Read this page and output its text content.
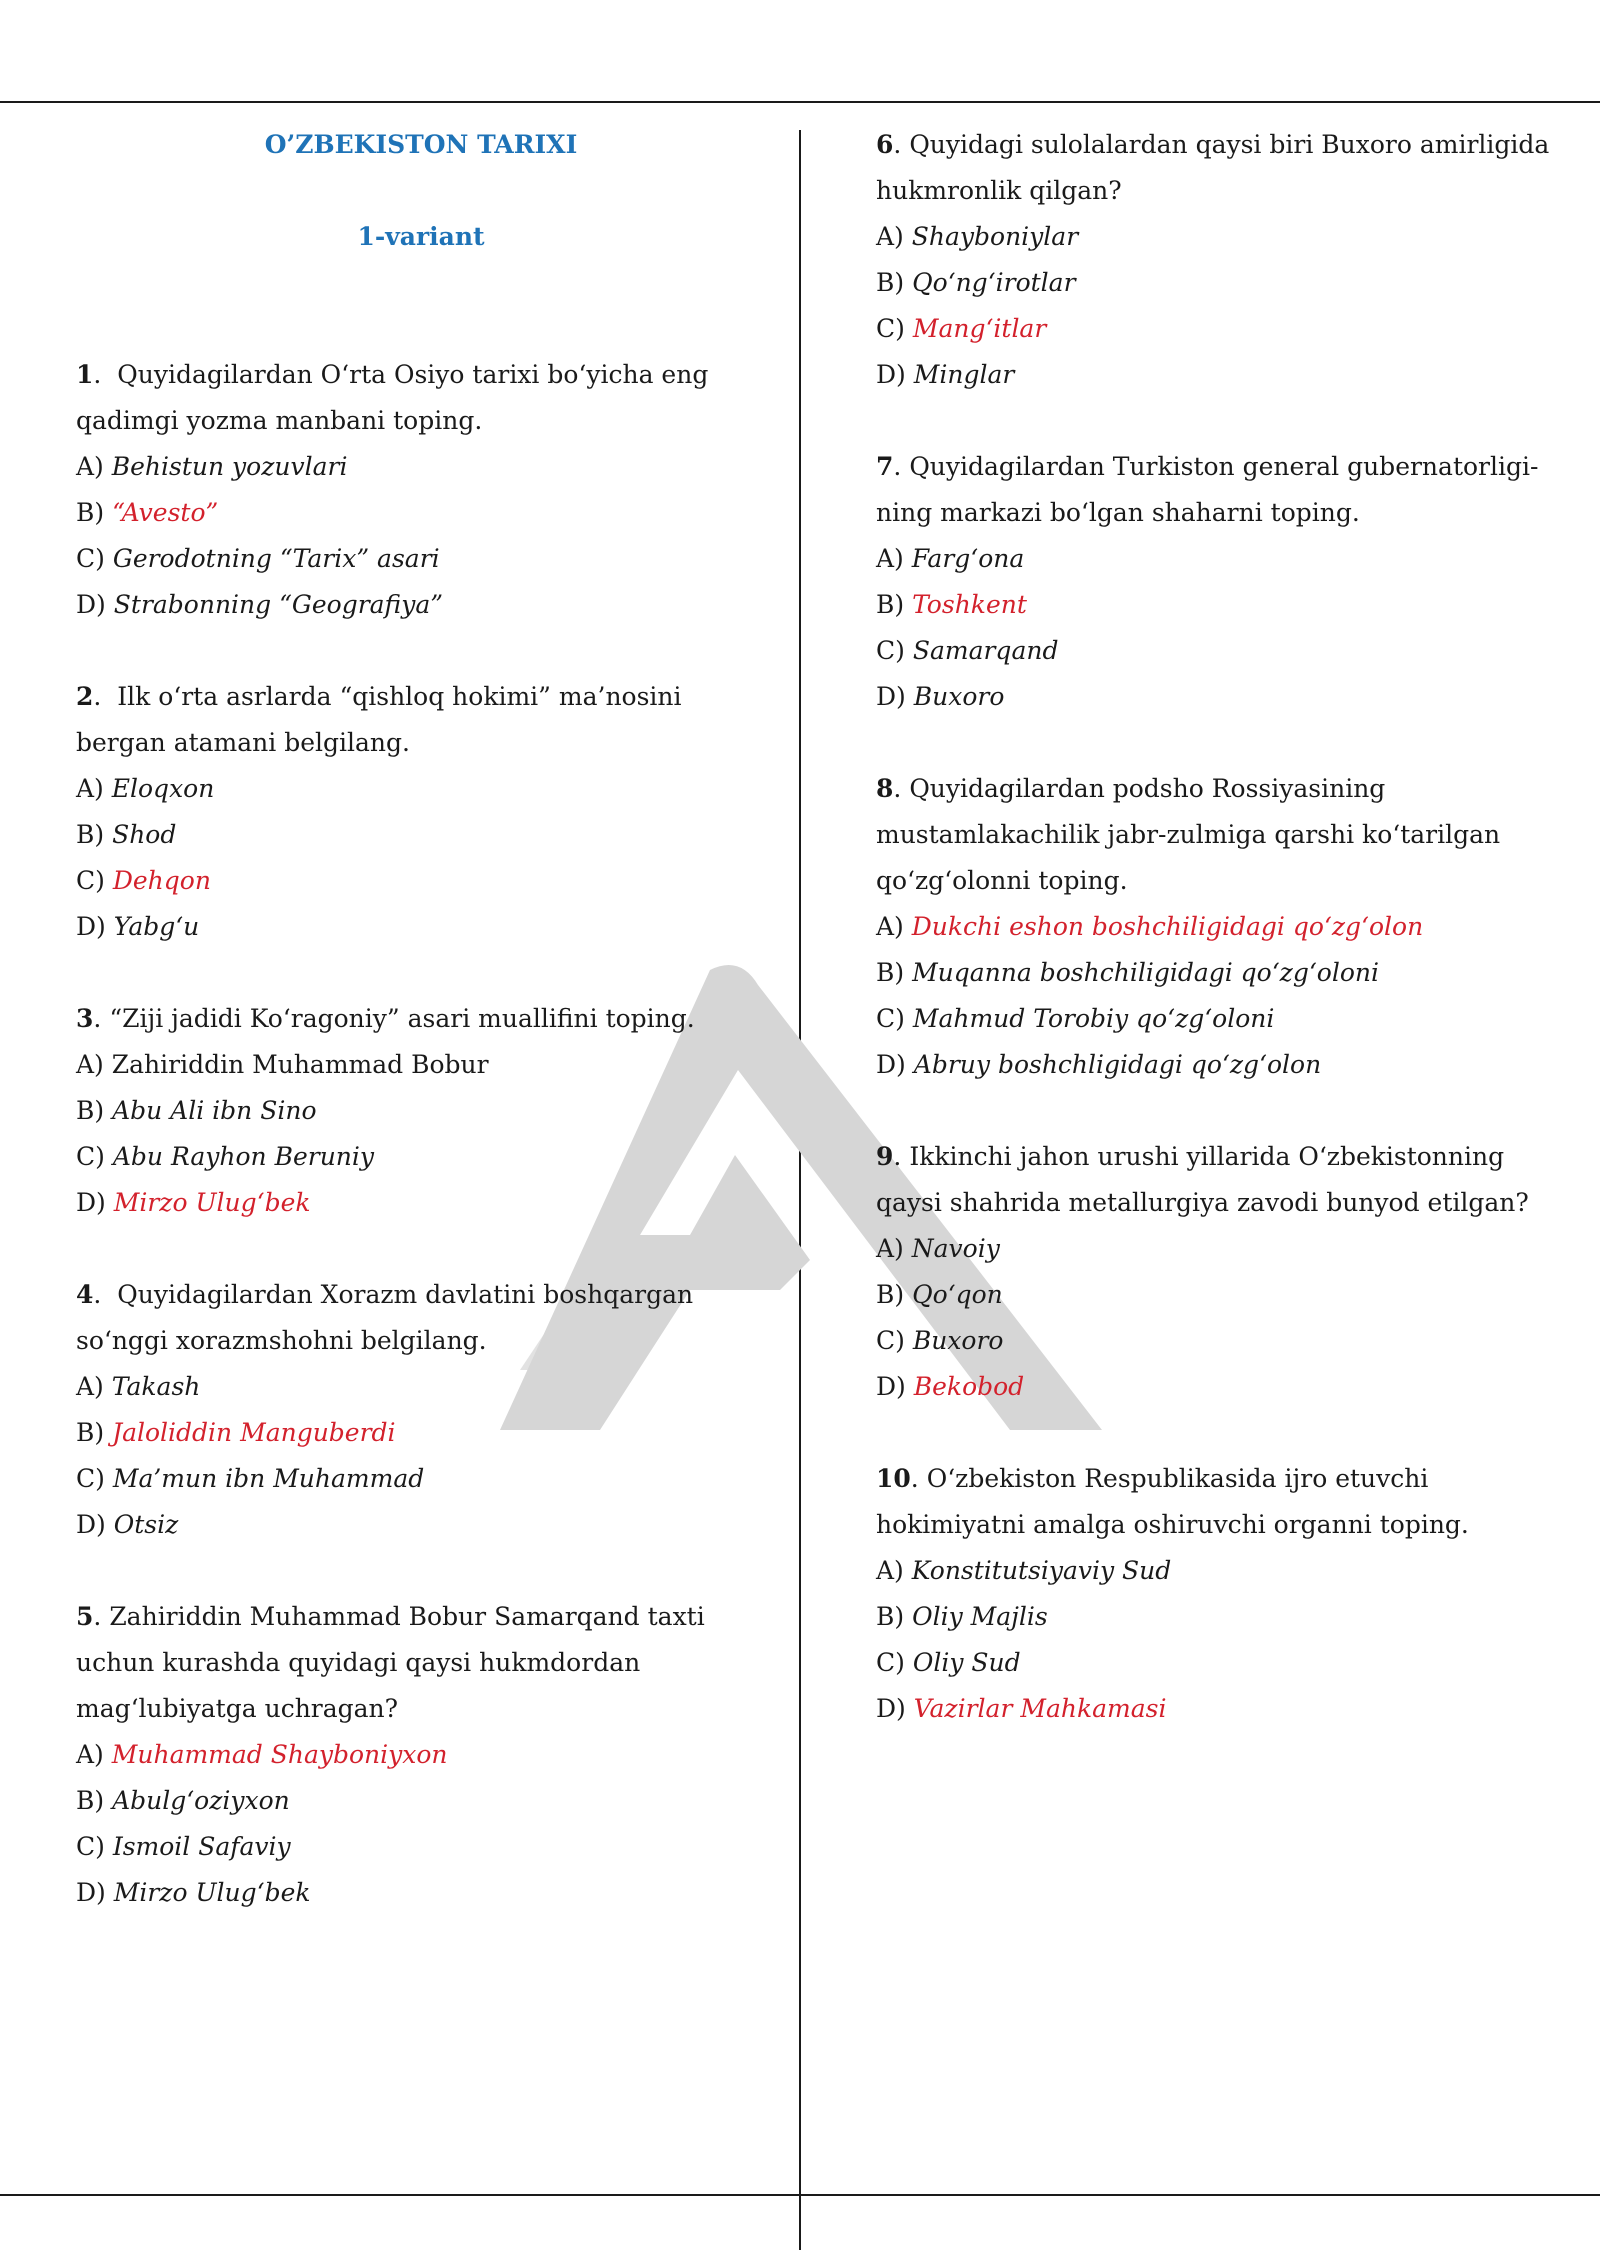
O’ZBEKISTON TARIXI

1-variant

1.  Quyidagilardan O‘rta Osiyo tarixi bo‘yicha eng qadimgi yozma manbani toping.

A) Behistun yozuvlari

B) “Avesto”

C) Gerodotning “Tarix” asari

D) Strabonning “Geografiya”

2.  Ilk o‘rta asrlarda “qishloq hokimi” ma’nosini bergan atamani belgilang.

A) Eloqxon

B) Shod

C) Dehqon

D) Yabg‘u

3. “Ziji jadidi Ko‘ragoniy” asari muallifini toping.

A) Zahiriddin Muhammad Bobur

B) Abu Ali ibn Sino

C) Abu Rayhon Beruniy

D) Mirzo Ulug‘bek

4.  Quyidagilardan Xorazm davlatini boshqargan so‘nggi xorazmshohni belgilang.

A) Takash

B) Jaloliddin Manguberdi

C) Ma’mun ibn Muhammad

D) Otsiz

5. Zahiriddin Muhammad Bobur Samarqand taxti uchun kurashda quyidagi qaysi hukmdordan mag‘lubiyatga uchragan?

A) Muhammad Shayboniyxon

B) Abulg‘oziyxon

C) Ismoil Safaviy

D) Mirzo Ulug‘bek

6. Quyidagi sulolalardan qaysi biri Buxoro amirligida hukmronlik qilgan?

A) Shayboniylar

B) Qo‘ng‘irotlar

C) Mang‘itlar

D) Minglar

7. Quyidagilardan Turkiston general gubernatorligi-ning markazi bo‘lgan shaharni toping.

A) Farg‘ona

B) Toshkent

C) Samarqand

D) Buxoro

8. Quyidagilardan podsho Rossiyasining mustamlakachilik jabr-zulmiga qarshi ko‘tarilgan qo‘zg‘olonni toping.

A) Dukchi eshon boshchiligidagi qo‘zg‘olon

B) Muqanna boshchiligidagi qo‘zg‘oloni

C) Mahmud Torobiy qo‘zg‘oloni

D) Abruy boshchligidagi qo‘zg‘olon

9. Ikkinchi jahon urushi yillarida O‘zbekistonning qaysi shahrida metallurgiya zavodi bunyod etilgan?

A) Navoiy

B) Qo‘qon

C) Buxoro

D) Bekobod

10. O‘zbekiston Respublikasida ijro etuvchi hokimiyatni amalga oshiruvchi organni toping.

A) Konstitutsiyaviy Sud

B) Oliy Majlis

C) Oliy Sud

D) Vazirlar Mahkamasi
